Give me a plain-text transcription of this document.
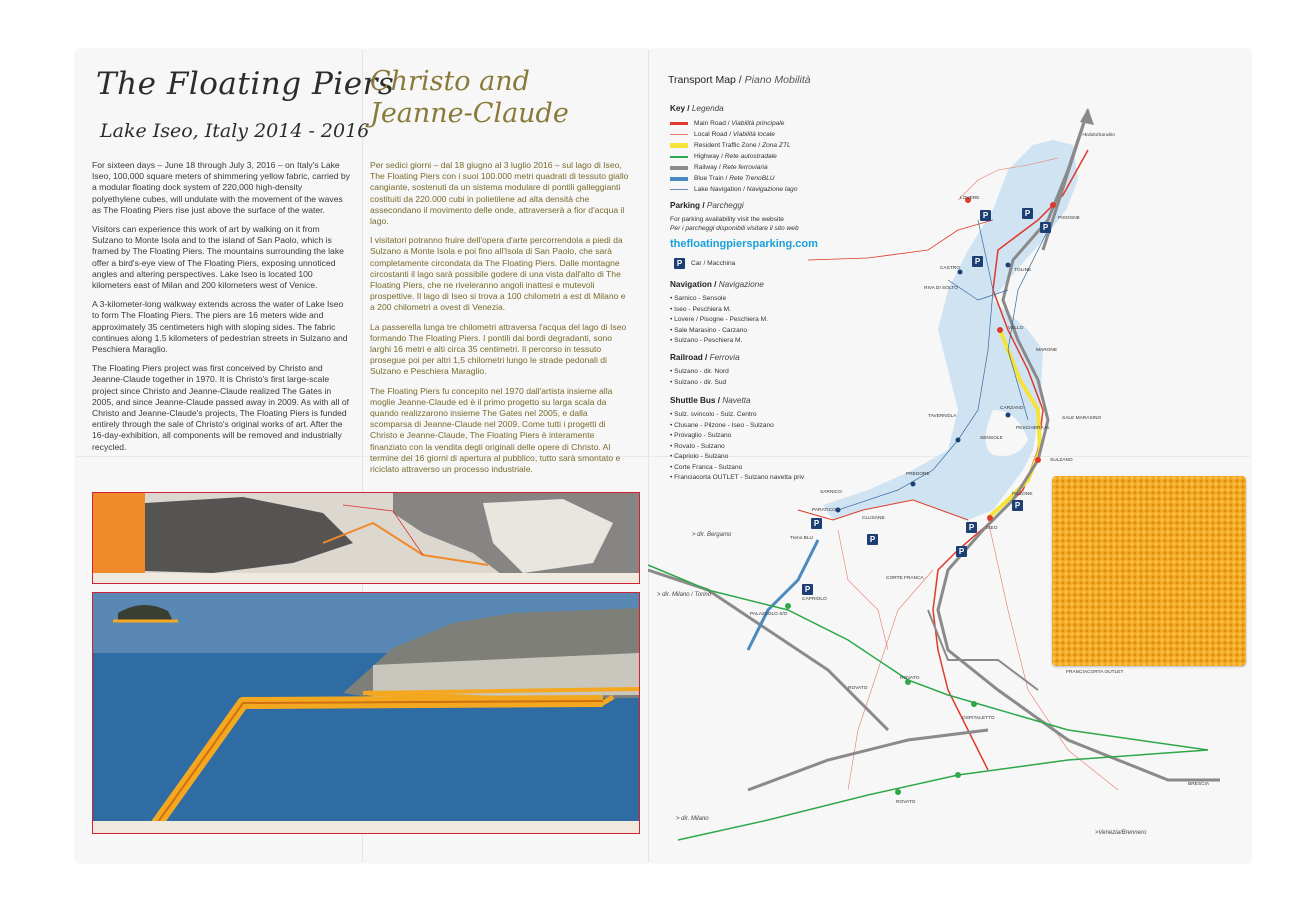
The Floating Piers
Lake Iseo, Italy 2014 - 2016

For sixteen days – June 18 through July 3, 2016 – on Italy's Lake Iseo, 100,000 square meters of shimmering yellow fabric, carried by a modular floating dock system of 220,000 high-density polyethylene cubes, will undulate with the movement of the waves as The Floating Piers rise just above the surface of the water.

Visitors can experience this work of art by walking on it from Sulzano to Monte Isola and to the island of San Paolo, which is framed by The Floating Piers. The mountains surrounding the lake offer a bird's-eye view of The Floating Piers, exposing unnoticed angles and altering perspectives. Lake Iseo is located 100 kilometers east of Milan and 200 kilometers west of Venice.

A 3-kilometer-long walkway extends across the water of Lake Iseo to form The Floating Piers. The piers are 16 meters wide and approximately 35 centimeters high with sloping sides. The fabric continues along 1.5 kilometers of pedestrian streets in Sulzano and Peschiera Maraglio.

The Floating Piers project was first conceived by Christo and Jeanne-Claude together in 1970. It is Christo's first large-scale project since Christo and Jeanne-Claude realized The Gates in 2005, and since Jeanne-Claude passed away in 2009. As with all of Christo and Jeanne-Claude's projects, The Floating Piers is funded entirely through the sale of Christo's original works of art. After the 16-day-exhibition, all components will be removed and industrially recycled.

Christo and
Jeanne-Claude

Per sedici giorni – dal 18 giugno al 3 luglio 2016 – sul lago di Iseo, The Floating Piers con i suoi 100.000 metri quadrati di tessuto giallo cangiante, sostenuti da un sistema modulare di pontili galleggianti costituiti da 220.000 cubi in polietilene ad alta densità che assecondano il movimento delle onde, attraverserà a fior d'acqua il lago.

I visitatori potranno fruire dell'opera d'arte percorrendola a piedi da Sulzano a Monte Isola e poi fino all'Isola di San Paolo, che sarà completamente circondata da The Floating Piers. Dalle montagne circostanti il lago sarà possibile godere di una vista dall'alto di The Floating Piers, che ne riveleranno angoli inattesi e mutevoli prospettive. Il lago di Iseo si trova a 100 chilometri a est di Milano e a 200 chilometri a ovest di Venezia.

La passerella lunga tre chilometri attraversa l'acqua del lago di Iseo formando The Floating Piers. I pontili dai bordi degradanti, sono larghi 16 metri e alti circa 35 centimetri. Il percorso in tessuto prosegue poi per altri 1,5 chilometri lungo le strade pedonali di Sulzano e Peschiera Maraglio.

The Floating Piers fu concepito nel 1970 dall'artista insieme alla moglie Jeanne-Claude ed è il primo progetto su larga scala da quando realizzarono insieme The Gates nel 2005, e dalla scomparsa di Jeanne-Claude nel 2009. Come tutti i progetti di Christo e Jeanne-Claude, The Floating Piers è interamente finanziato con la vendita degli originali delle opere di Christo. Al termine dei 16 giorni di apertura al pubblico, tutto sarà smontato e riciclato attraverso un processo industriale.

Transport Map / Piano Mobilità
Key / Legenda
Main Road / Viabilità principale
Local Road / Viabilità locale
Resident Traffic Zone / Zona ZTL
Highway / Rete autostradale
Railway / Rete ferroviaria
Blue Train / Rete TrenoBLU
Lake Navigation / Navigazione lago
Parking / Parcheggi
For parking availability visit the website
Per i parcheggi disponibili visitare il sito web
thefloatingpiersparking.com
P	Car / Macchina
Navigation / Navigazione
• Sarnico - Sensole
• Iseo - Peschiera M.
• Lovere / Pisogne - Peschiera M.
• Sale Marasino - Carzano
• Sulzano - Peschiera M.
Railroad / Ferrovia
• Sulzano - dir. Nord
• Sulzano - dir. Sud
Shuttle Bus / Navetta
• Sulz. svincolo - Sulz. Centro
• Clusane - Pilzone - Iseo - Sulzano
• Provaglio - Sulzano
• Rovato - Sulzano
• Capriolo - Sulzano
• Corte Franca - Sulzano
• Franciacorta OUTLET - Sulzano navetta priv
P	P
P
P
P
P
P
P
P
P
>Edolo/Sondrio
LOVERE
PISOGNE
CASTRO
RIVA DI SOLTO
TOLINE
VELLO
MARONE
TAVERNOLA
CARZANO
PESCHIERA M.
SALE MARASINO
SENSOLE
SULZANO
PREDORE
SARNICO
PARATICO
CLUSANE
PILZONE
ISEO
CORTE FRANCA
CAPRIOLO
PALAZZOLO S/O
ROVATO
ROVATO
ROVATO
OSPITALETTO
BRESCIA
FRANCIACORTA OUTLET
Treno BLU
> dir. Bergamo
> dir. Milano / Torino
> dir. Milano
>Venezia/Brennero
